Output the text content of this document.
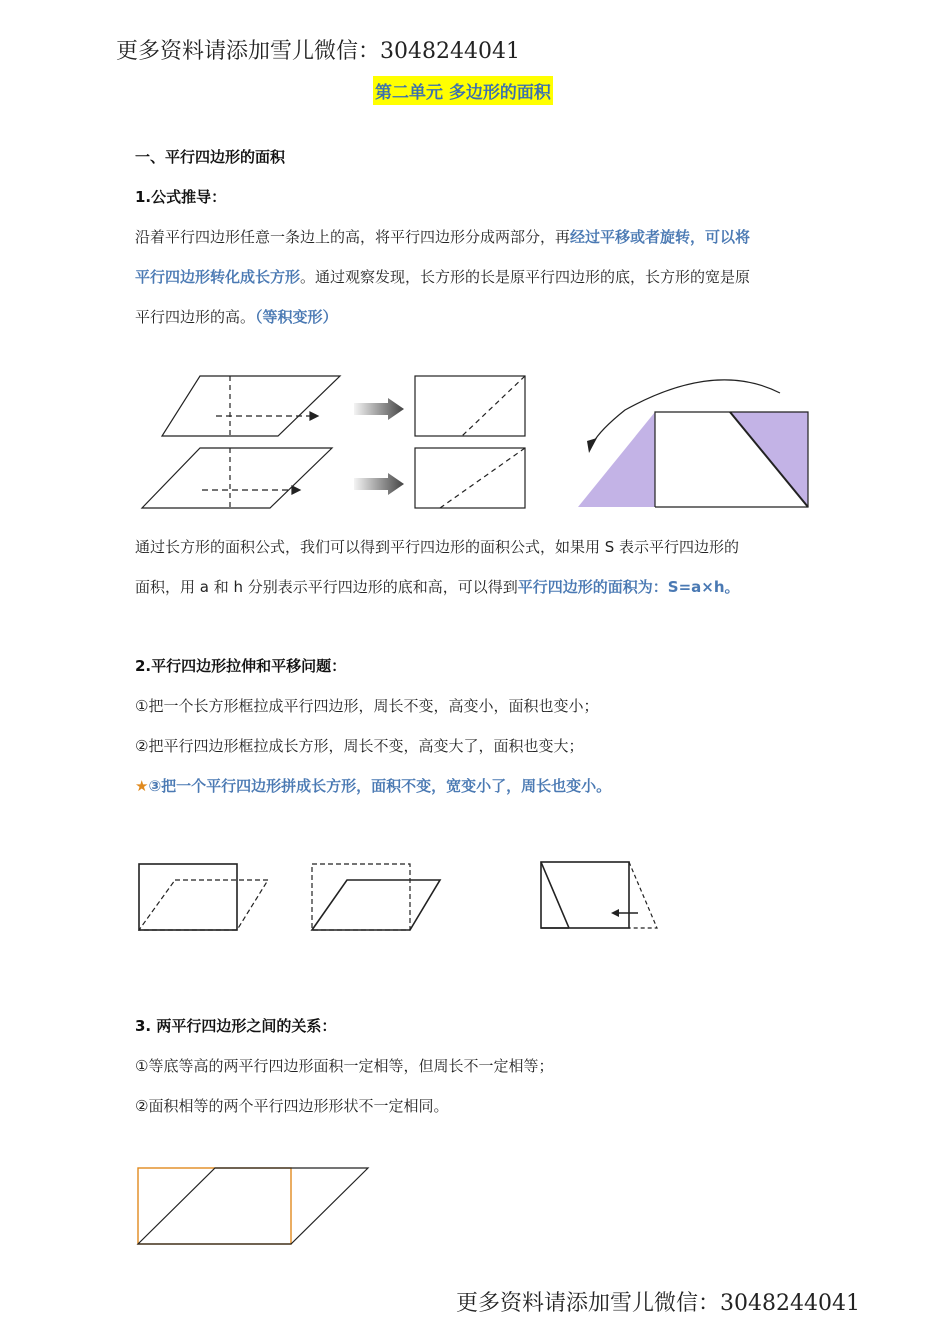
更多资料请添加雪儿微信：3048244041
第二单元 多边形的面积
一、平行四边形的面积
1.公式推导：
沿着平行四边形任意一条边上的高，将平行四边形分成两部分，再经过平移或者旋转，可以将
平行四边形转化成长方形。通过观察发现，长方形的长是原平行四边形的底，长方形的宽是原
平行四边形的高。（等积变形）
通过长方形的面积公式，我们可以得到平行四边形的面积公式，如果用 S 表示平行四边形的
面积，用 a 和 h 分别表示平行四边形的底和高，可以得到平行四边形的面积为：S=a×h。
2.平行四边形拉伸和平移问题：
①把一个长方形框拉成平行四边形，周长不变，高变小，面积也变小；
②把平行四边形框拉成长方形，周长不变，高变大了，面积也变大；
★③把一个平行四边形拼成长方形，面积不变，宽变小了，周长也变小。
3. 两平行四边形之间的关系：
①等底等高的两平行四边形面积一定相等，但周长不一定相等；
②面积相等的两个平行四边形形状不一定相同。
更多资料请添加雪儿微信：3048244041
